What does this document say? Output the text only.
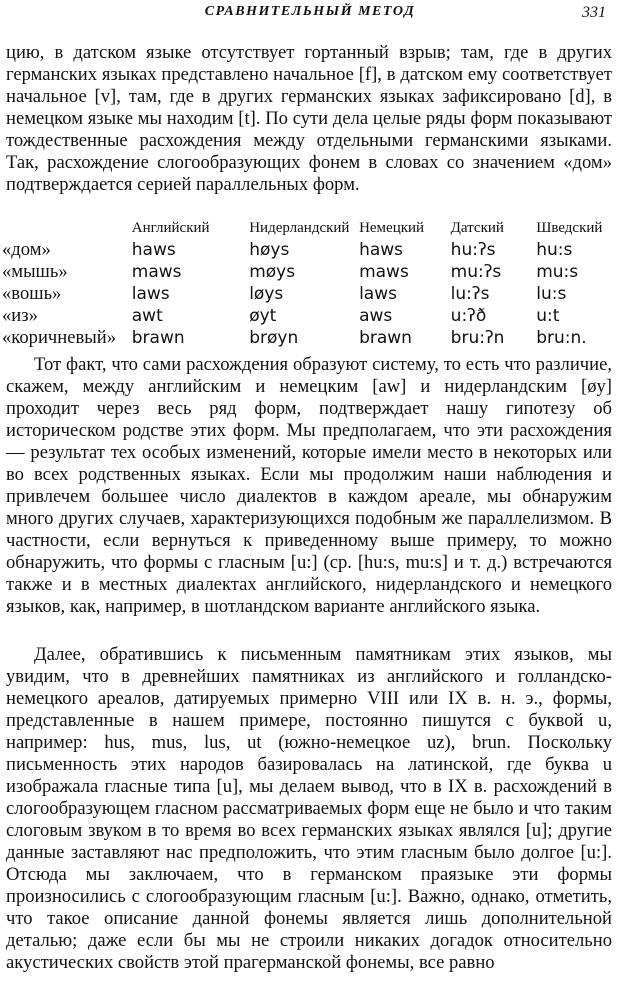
СРАВНИТЕЛЬНЫЙ МЕТОД	331

цию, в датском языке отсутствует гортанный взрыв; там, где в других германских языках представлено начальное [f], в датском ему соответствует начальное [v], там, где в других германских языках зафиксировано [d], в немецком языке мы находим [t]. По сути дела целые ряды форм показывают тождественные расхождения между отдельными германскими языками. Так, расхождение слогообразующих фонем в словах со значением «дом» подтверждается серией параллельных форм.

	Английский	Нидерландский	Немецкий	Датский	Шведский
«дом»	haws	høys	haws	hu:ʔs	hu:s
«мышь»	maws	møys	maws	mu:ʔs	mu:s
«вошь»	laws	løys	laws	lu:ʔs	lu:s
«из»	awt	øyt	aws	u:ʔð	u:t
«коричневый»	brawn	brøyn	brawn	bru:ʔn	bru:n.

Тот факт, что сами расхождения образуют систему, то есть что различие, скажем, между английским и немецким [aw] и нидерландским [øy] проходит через весь ряд форм, подтверждает нашу гипотезу об историческом родстве этих форм. Мы предполагаем, что эти расхождения — результат тех особых изменений, которые имели место в некоторых или во всех родственных языках. Если мы продолжим наши наблюдения и привлечем большее число диалектов в каждом ареале, мы обнаружим много других случаев, характеризующихся подобным же параллелизмом. В частности, если вернуться к приведенному выше примеру, то можно обнаружить, что формы с гласным [u:] (ср. [hu:s, mu:s] и т. д.) встречаются также и в местных диалектах английского, нидерландского и немецкого языков, как, например, в шотландском варианте английского языка.

Далее, обратившись к письменным памятникам этих языков, мы увидим, что в древнейших памятниках из английского и голландско-немецкого ареалов, датируемых примерно VIII или IX в. н. э., формы, представленные в нашем примере, постоянно пишутся с буквой u, например: hus, mus, lus, ut (южно-немецкое uz), brun. Поскольку письменность этих народов базировалась на латинской, где буква u изображала гласные типа [u], мы делаем вывод, что в IX в. расхождений в слогообразующем гласном рассматриваемых форм еще не было и что таким слоговым звуком в то время во всех германских языках являлся [u]; другие данные заставляют нас предположить, что этим гласным было долгое [u:]. Отсюда мы заключаем, что в германском праязыке эти формы произносились с слогообразующим гласным [u:]. Важно, однако, отметить, что такое описание данной фонемы является лишь дополнительной деталью; даже если бы мы не строили никаких догадок относительно акустических свойств этой прагерманской фонемы, все равно
